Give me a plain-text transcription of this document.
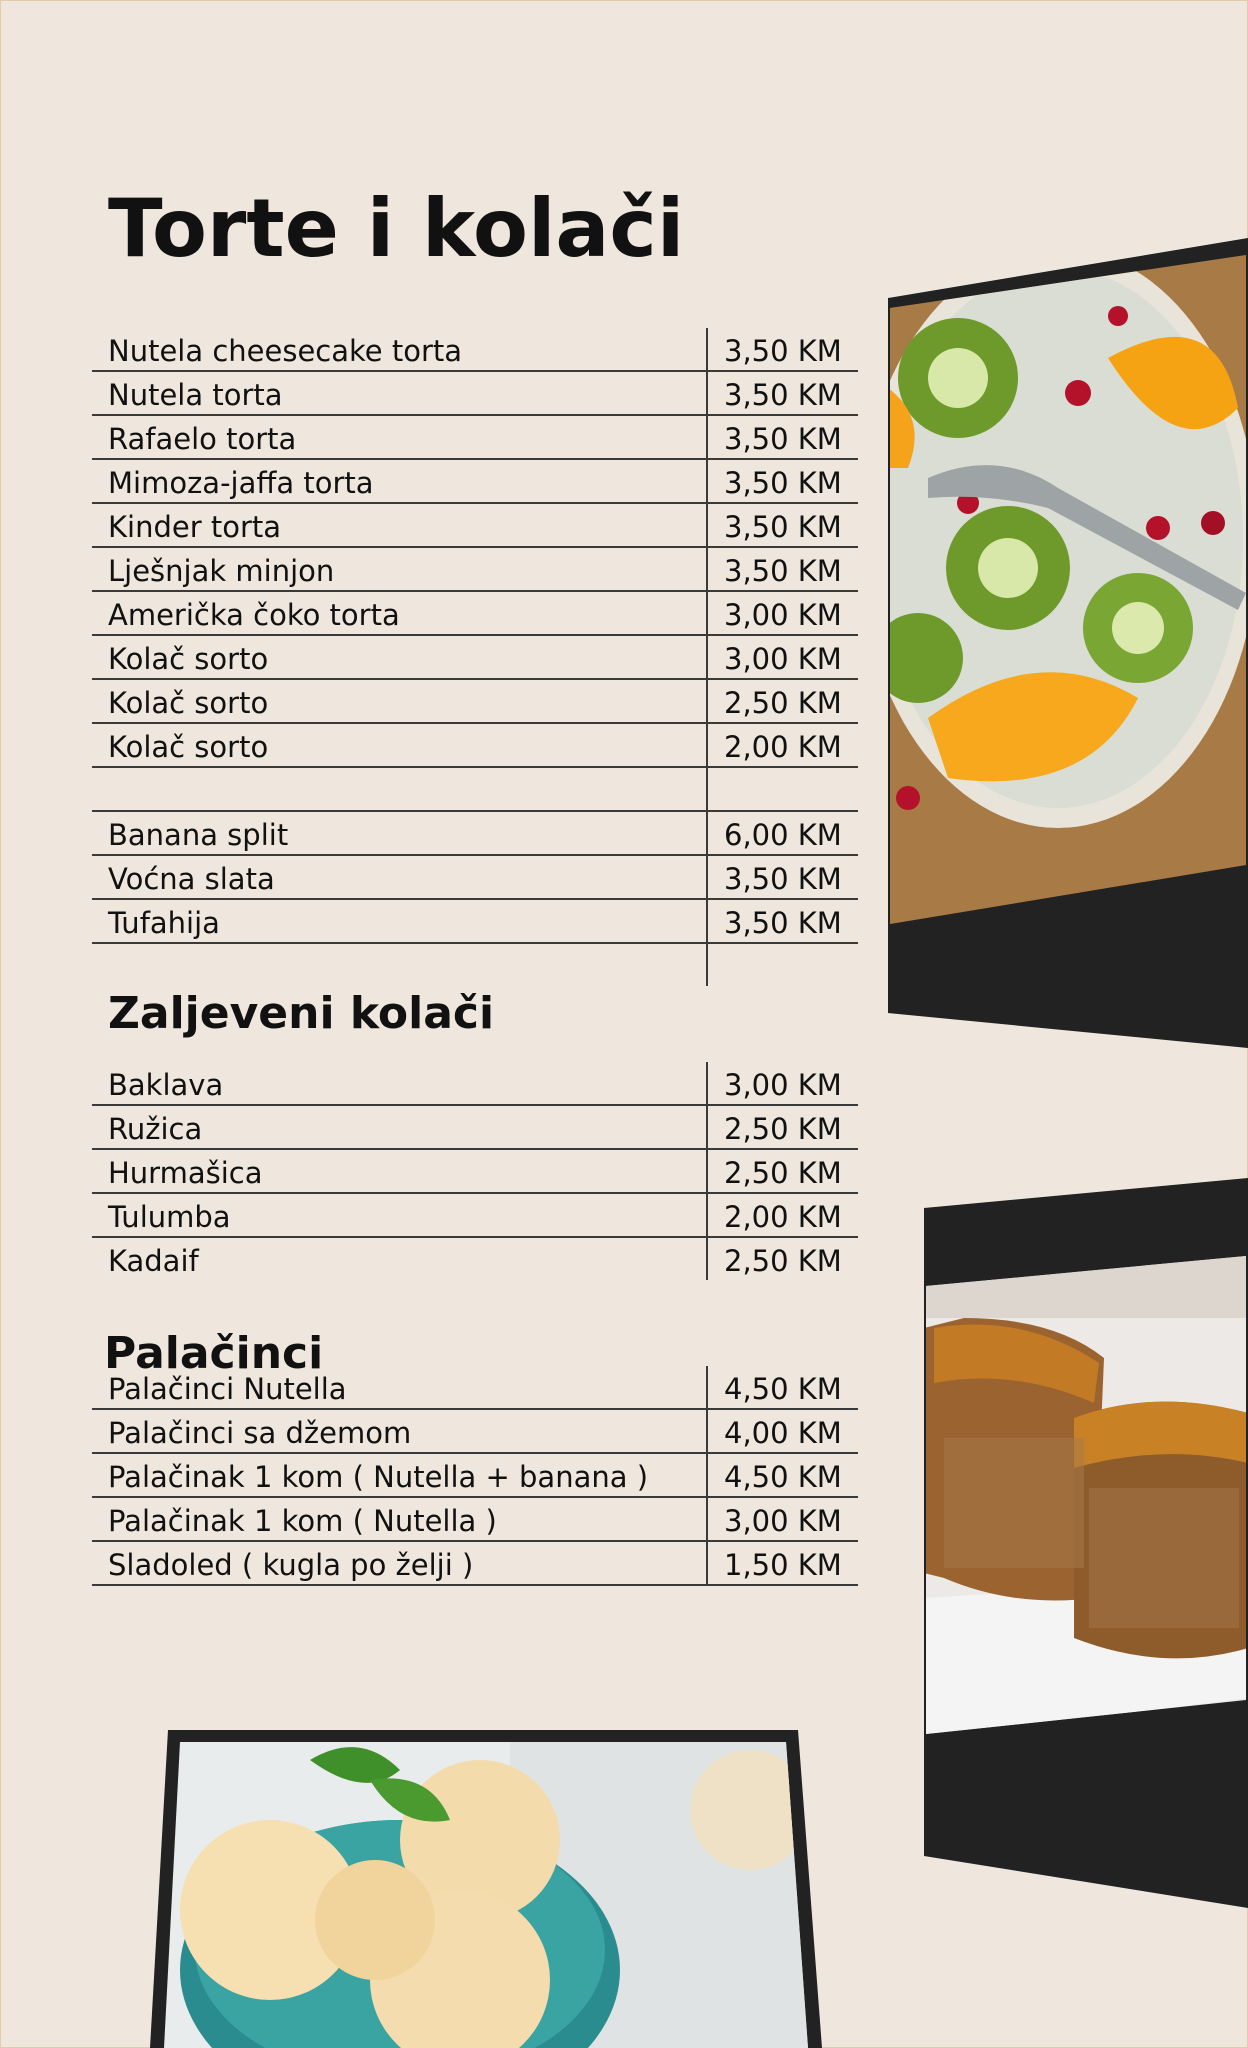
Torte i kolači
Nutela cheesecake torta	3,50 KM
Nutela torta	3,50 KM
Rafaelo torta	3,50 KM
Mimoza-jaffa torta	3,50 KM
Kinder torta	3,50 KM
Lješnjak minjon	3,50 KM
Američka čoko torta	3,00 KM
Kolač sorto	3,00 KM
Kolač sorto	2,50 KM
Kolač sorto	2,00 KM
Banana split	6,00 KM
Voćna slata	3,50 KM
Tufahija	3,50 KM
Zaljeveni kolači
Baklava	3,00 KM
Ružica	2,50 KM
Hurmašica	2,50 KM
Tulumba	2,00 KM
Kadaif	2,50 KM
Palačinci
Palačinci Nutella	4,50 KM
Palačinci sa džemom	4,00 KM
Palačinak 1 kom ( Nutella + banana )	4,50 KM
Palačinak 1 kom ( Nutella )	3,00 KM
Sladoled ( kugla po želji )	1,50 KM
